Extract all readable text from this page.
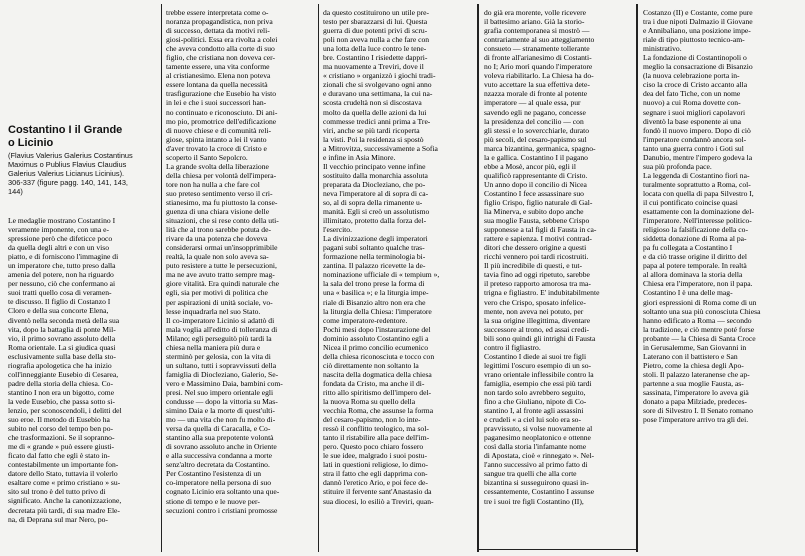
Costantino I il Grande
o Licinio
(Flavius Valerius Galerius Costantinus
Maximus o Publius Flavius Claudius
Galerius Valerius Licianus Licinius).
306-337 (figure pagg. 140, 141, 143,
144)
Le medaglie mostrano Costantino I
veramente imponente, con una e-
spressione però che difeticce poco
da quella degli altri e con un viso
piatto, e di fornisconо l'immagine di
un imperatore che, tutto preso dalla
amenia del potere, non ha riguardo
per nessuno, ciò che confermano ai
suoi tratti quello cosa di veramen-
te discusso. Il figlio di Costanzo I
Cloro e della sua concorte Elena,
diventò nella seconda metà della sua
vita, dopo la battaglia di ponte Mil-
vio, il primo sovrano assoluto della
Roma orientale. La si giudica quasi
esclusivamente sulla base della sto-
riografia apologetica che ha inizio
coll'inneggiante Eusebio di Cesarea,
padre della storia della chiesa. Co-
stantino I non era un bigotto, come
la vede Eusebio, che passa sotto si-
lenzio, per sconoscendoli, i delitti del
suo eroe. Il metodo di Eusebio ha
subito nel corso del tempo ben po-
che trasformazioni. Se il soprannо-
me di « grande » può essere giusti-
ficato dal fatto che egli è stato in-
contestabilmente un importante fon-
datore dello Stato, tuttavia il volerlo
esaltare come « primo cristiano » su-
sito sul trono è del tutto privo di
significato. Anche la canonizzazione,
decretata più tardi, di sua madre Ele-
na, di Deprana sul mar Nero, po-
trebbe essere interpretata come o-
noranza propagandistica, non priva
di successo, dettata da motivi reli-
giosi-politici. Essa era rivolta a colei
che aveva condotto alla corte di suo
figlio, che cristiana non doveva cer-
tamente essere, una vita conforme
al cristianesimo. Elena non poteva
essere lontana da quella necessità
trasfigurazione che Eusebio ha visto
in lei e che i suoi successori han-
no continuato e riconosciuto. Di ani-
mo pio, promotrice dell'edificazione
di nuove chiese e di comunità reli-
giose, spinta intanto a lei il vanto
d'aver trovato la croce di Cristo e
scoperto il Santo Sepolcro.
La grande svolta della liberazione
della chiesa per volontà dell'impera-
tore non ha nulla a che fare col
suo preteso sentimento verso il cri-
stianesimo, ma fu piuttosto la conse-
guenza di una chiara visione delle
situazioni, che si rese conto della uti-
lità che al trono sarebbe potuta de-
rivare da una potenza che doveva
considerarsi ormai un'insopprimibile
realtà, la quale non solo aveva sa-
puto resistere a tutte le persecuzioni,
ma ne ave avuto tratto sempre mag-
giore vitalità. Era quindi naturale che
egli, sia per motivi di politica che
per aspirazioni di unità sociale, vo-
lesse inquadrarla nel suo Stato.
Il co-imperatore Licinio si adattò di
mala voglia all'editto di tolleranza di
Milano; egli perseguitò più tardi la
chiesa nella maniera più dura e
sterminò per gelosia, con la vita di
un sultano, tutti i sopravvissuti della
famiglia di Diocleziano, Galerio, Se-
vero e Massimino Daia, bambini com-
presi. Nel suo impero orientale egli
condusse — dopo la vittoria su Mas-
simino Daia e la morte di quest'ulti-
mo — una vita che non fu molto di-
versa da quella di Caracalla, e Co-
stantino alla sua prepotente volontà
di sovrano assoluto anche in Oriente
e alla successiva condanna a morte
senz'altro decretata da Costantino.
Per Costantino l'esistenza di un
co-imperatore nella persona di suo
cognato Licinio era soltanto una que-
stione di tempo e le nuove per-
secuzioni contro i cristiani promosse
da questo costituirono un utile pre-
testo per sbarazzarsi di lui. Questa
guerra di due potenti privi di scru-
poli non aveva nulla a che fare con
una lotta della luce contro le tene-
bre. Costantino I risiedette dappri-
ma nuovamente a Treviri, dove il
« cristiano » organizzò i giochi tradi-
zionali che si svolgevano ogni anno
e duravano una settimana, la cui na-
scosta crudeltà non si discostava
molto da quella delle azioni da lui
commesse tredici anni prima a Tre-
viri, anche se più tardi ricoperta
la visti. Poi la residenza si spostò
a Mitrovitza, successivamente a Sofia
e infine in Asia Minore.
Il vecchio principato venne infine
sostituito dalla monarchia assoluta
preparata da Diocleziano, che po-
neva l'imperatore al di sopra di ca-
so, al di sopra della rimanente u-
manità. Egli si creò un assolutismo
illimitato, protetto dalla forza del-
l'esercito.
La divinizzazione degli imperatori
pagani subì soltanto qualche tras-
formazione nella terminologia bi-
zantina. Il palazzo ricevette la de-
nominazione ufficiale di « tempium »,
la sala del trono prese la forma di
una « basilica »; e la liturgia impe-
riale di Bisanzio altro non era che
la liturgia della Chiesa: l'imperatore
come imperatore-redentore.
Pochi mesi dopo l'instaurazione del
dominio assoluto Costantino egli a
Nicea il primo concilio ecumenico
della chiesa riconosciuta e tocco con
ciò direttamente non soltanto la
nascita della dogmatica della chiesa
fondata da Cristo, ma anche il di-
ritto allo spiritismo dell'impero del-
la nuova Roma su quello della
vecchia Roma, che assunse la forma
del cesaro-papismo, non lo inte-
ressò il conflitto teologico, ma sol-
tanto il ristabilire alla pace dell'im-
pero. Questo poco chiaro fossero
le sue idee, malgrado i suoi postu-
lati in questioni religiose, lo dimo-
stra il fatto che egli dapprima con-
dannò l'eretico Ario, e poi fece de-
stituire il fervente sant'Anastasio da
sua diocesi, lo esiliò a Treviri, quan-
do già era morente, volle ricevere
il battesimo ariano. Già la storio-
grafia contemporanea si mostrò —
contrariamente al suo atteggiamento
consueto — stranamente tollerante
di fronte all'arianesimo di Costanti-
no I; Ario morì quando l'imperatore
voleva riabilitarlo. La Chiesa ha do-
vuto accettare la sua effettiva dete-
nzazza morale di fronte al potente
imperatore — al quale essa, pur
savendo egli ne pagano, concesse
la presidenza del concilio — con
gli stessi e lo sovercchiarle, durato
più secoli, del cesaro-papismo sul
marca bizantina, germanica, spagno-
la e gallica. Costantino I il pagano
ebbe a Mosè, ancor più, egli il
qualificò rappresentante di Cristo.
Un anno dopo il concilio di Nicea
Costantino I fece assassinare suo
figlio Crispo, figlio naturale di Gal-
lia Minerva, e subito dopo anche
sua moglie Fausta, sebbene Crispo
supponesse a tal figli di Fausta in ca-
rattere e sapienza. I motivi contrad-
ditori che dessero origine a questi
ricchi vennero poi tardi ricostruiti.
Il più incredibile di questi, e tut-
tavia fino ad oggi ripetuto, sarebbe
il preteso rapporto amorosa tra ma-
trigna e figliastro. E' indubitabilmente
vero che Crispo, sposato infelice-
mente, non aveva nei potuto, per
la sua origine illegittima, diventare
successore al trono, ed assai credi-
bili sono quindi gli intrighi di Fausta
contro il figliastro.
Costantino I diede ai suoi tre figli
legittimi l'oscuro esempio di un so-
vrano orientale inflessibile contro la
famiglia, esempio che essi più tardi
non tardo solo avrebbero seguito,
fino a che Giuliano, nipote di Co-
stantino I, al fronte agli assassini
e crudeli « a ciel lui solo era so-
pravvissuto, si volse nuovamente al
paganesimo neoplatonico e ottenne
così dalla storia l'infamante nome
di Apostata, cioè « rinnegato ». Nel-
l'anno successivo al primo fatto di
sangue tra quelli che alla corte
bizantina si susseguirono quasi in-
cessantemente, Costantino I assunse
tre i suoi tre figli Costantino (II),
Costanzo (II) e Costante, come pure
tra i due nipoti Dalmazio il Giovane
e Annibaliano, una posizione impe-
riale di tipo piuttosto tecnico-am-
ministrativo.
La fondazione di Costantinopoli o
meglio la consacrazione di Bisanzio
(la nuova celebrazione porta in-
ciso la croce di Cristo accanto alla
dea del fato Tiche, con un nome
nuovo) a cui Roma dovette con-
segnare i suoi migliori capolavori
diventò la base esponente ai una
fondò il nuovo impero. Dopo di ciò
l'imperatore condannò ancora sol-
tanto una guerra contro i Goti sul
Danubio, mentre l'impero godeva la
sua più profonda pace.
La leggenda di Costantino fiorì na-
turalmente soprattutto a Roma, col-
locata con quella di papa Silvestro I,
il cui pontificato coincise quasi
esattamente con la dominazione del-
l'imperatore. Nell'interesse politico-
religioso la falsificazione della co-
siddetta donazione di Roma al pa-
pa fu collegata a Costantino I
e da ciò trasse origine il diritto del
papa al potere temporale. In realtà
al allora dominava la storia della
Chiesa era l'imperatore, non il papa.
Costantino I è una delle mag-
giori espressioni di Roma come di un
soltanto una sua più conosciuta Chiesa
hanno edificato a Roma — secondo
la tradizione, e ciò mentre poté forse
probante — la Chiesa di Santa Croce
in Gerusalemme, San Giovanni in
Laterano con il battistero e San
Pietro, come la chiesa degli Apo-
stoli. Il palazzo lateranense che ap-
partenne a sua moglie Fausta, as-
sassinata, l'imperatore lo aveva già
donato a papa Milziade, predeces-
sore di Silvestro I. Il Senato romano
pose l'imperatore arrivo tra gli dei.
